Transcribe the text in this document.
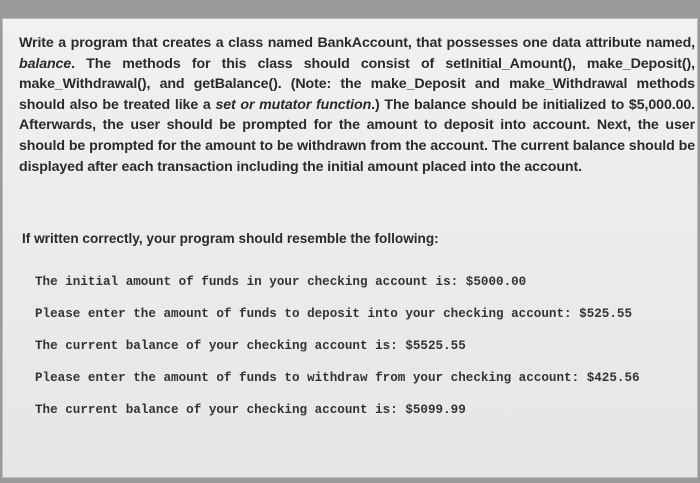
Write a program that creates a class named BankAccount, that possesses one data attribute named, balance. The methods for this class should consist of setInitial_Amount(), make_Deposit(), make_Withdrawal(), and getBalance(). (Note: the make_Deposit and make_Withdrawal methods should also be treated like a set or mutator function.) The balance should be initialized to $5,000.00. Afterwards, the user should be prompted for the amount to deposit into account. Next, the user should be prompted for the amount to be withdrawn from the account. The current balance should be displayed after each transaction including the initial amount placed into the account.
If written correctly, your program should resemble the following:
The initial amount of funds in your checking account is: $5000.00
Please enter the amount of funds to deposit into your checking account: $525.55
The current balance of your checking account is: $5525.55
Please enter the amount of funds to withdraw from your checking account: $425.56
The current balance of your checking account is: $5099.99
